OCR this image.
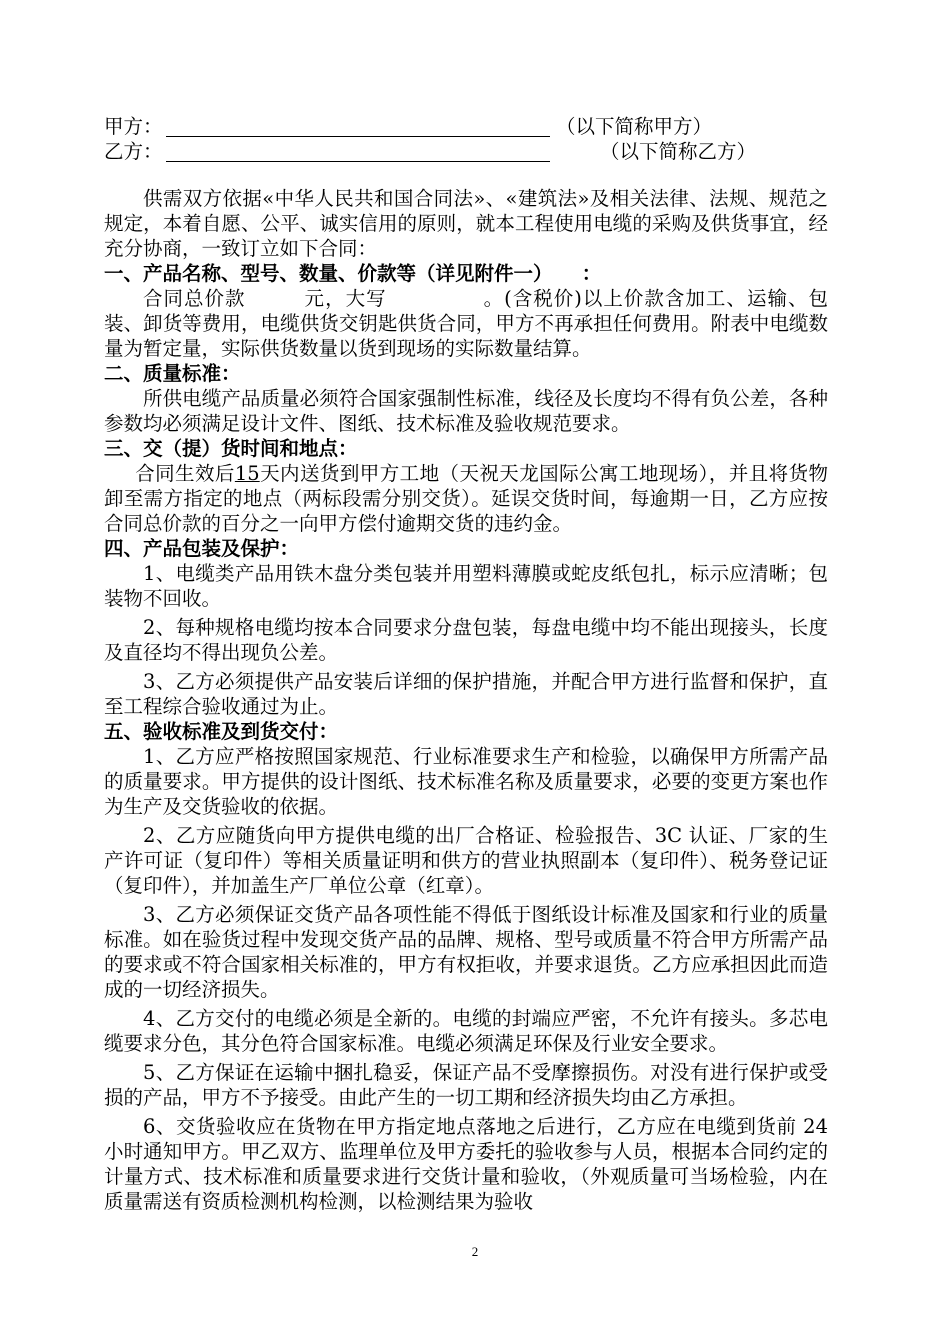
甲方：	（以下简称甲方）
乙方：	（以下简称乙方）

供需双方依据«中华人民共和国合同法»、«建筑法»及相关法律、法规、规范之规定，本着自愿、公平、诚实信用的原则，就本工程使用电缆的采购及供货事宜，经充分协商，一致订立如下合同：

一、产品名称、型号、数量、价款等（详见附件一）　　：

合同总价款	元，大写	。(含税价)以上价款含加工、运输、包装、卸货等费用，电缆供货交钥匙供货合同，甲方不再承担任何费用。附表中电缆数量为暂定量，实际供货数量以货到现场的实际数量结算。

二、质量标准：

所供电缆产品质量必须符合国家强制性标准，线径及长度均不得有负公差，各种参数均必须满足设计文件、图纸、技术标准及验收规范要求。

三、交（提）货时间和地点：

合同生效后15天内送货到甲方工地（天祝天龙国际公寓工地现场），并且将货物卸至需方指定的地点（两标段需分别交货）。延误交货时间，每逾期一日，乙方应按合同总价款的百分之一向甲方偿付逾期交货的违约金。

四、产品包装及保护：

1、电缆类产品用铁木盘分类包装并用塑料薄膜或蛇皮纸包扎，标示应清晰；包装物不回收。

2、每种规格电缆均按本合同要求分盘包装，每盘电缆中均不能出现接头，长度及直径均不得出现负公差。

3、乙方必须提供产品安装后详细的保护措施，并配合甲方进行监督和保护，直至工程综合验收通过为止。

五、验收标准及到货交付：

1、乙方应严格按照国家规范、行业标准要求生产和检验，以确保甲方所需产品的质量要求。甲方提供的设计图纸、技术标准名称及质量要求，必要的变更方案也作为生产及交货验收的依据。

2、乙方应随货向甲方提供电缆的出厂合格证、检验报告、3C 认证、厂家的生产许可证（复印件）等相关质量证明和供方的营业执照副本（复印件）、税务登记证（复印件），并加盖生产厂单位公章（红章）。

3、乙方必须保证交货产品各项性能不得低于图纸设计标准及国家和行业的质量标准。如在验货过程中发现交货产品的品牌、规格、型号或质量不符合甲方所需产品的要求或不符合国家相关标准的，甲方有权拒收，并要求退货。乙方应承担因此而造成的一切经济损失。

4、乙方交付的电缆必须是全新的。电缆的封端应严密，不允许有接头。多芯电缆要求分色，其分色符合国家标准。电缆必须满足环保及行业安全要求。

5、乙方保证在运输中捆扎稳妥，保证产品不受摩擦损伤。对没有进行保护或受损的产品，甲方不予接受。由此产生的一切工期和经济损失均由乙方承担。

6、交货验收应在货物在甲方指定地点落地之后进行，乙方应在电缆到货前 24 小时通知甲方。甲乙双方、监理单位及甲方委托的验收参与人员，根据本合同约定的计量方式、技术标准和质量要求进行交货计量和验收，（外观质量可当场检验，内在质量需送有资质检测机构检测，以检测结果为验收

2
